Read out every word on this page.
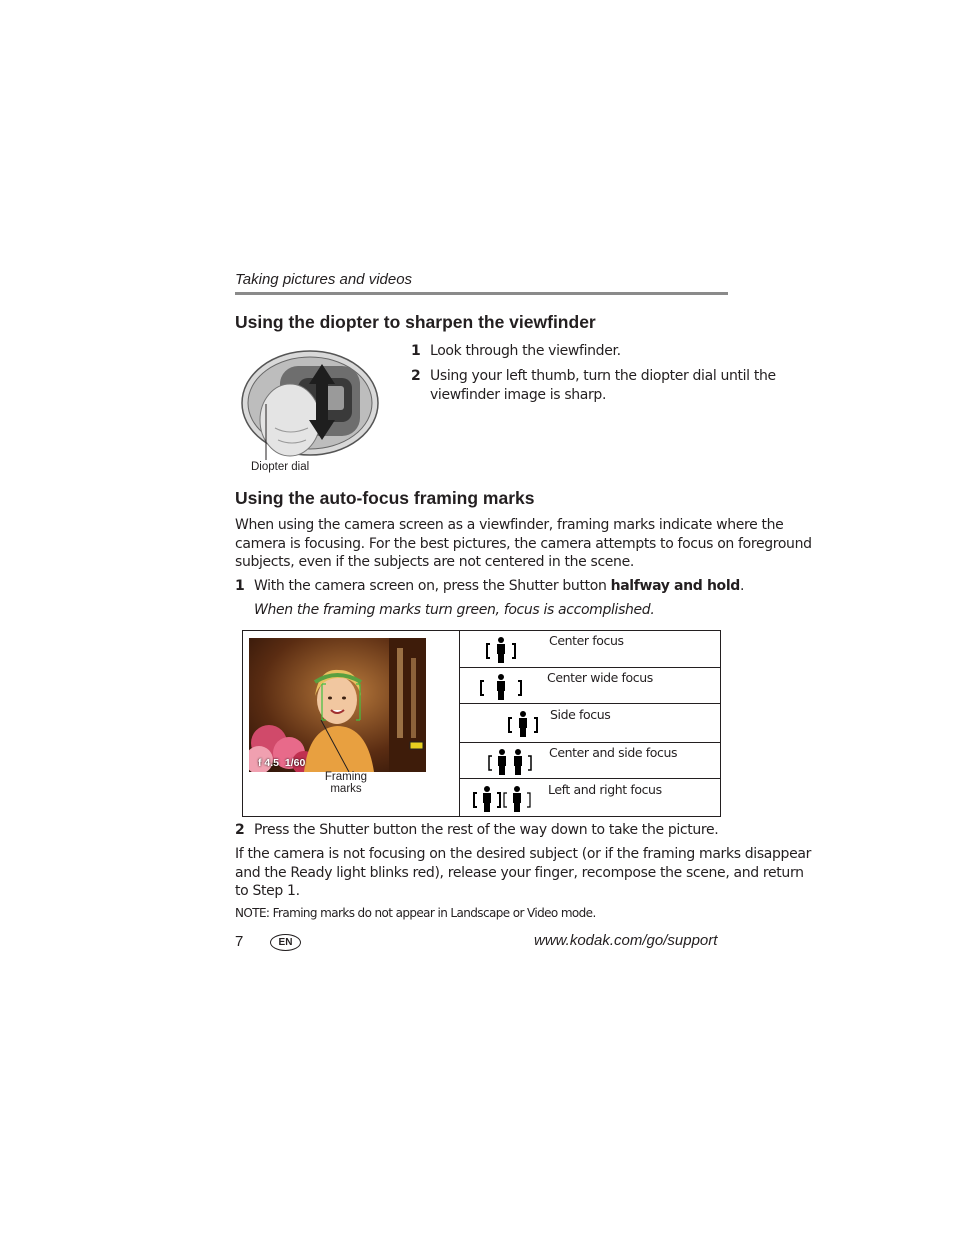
Taking pictures and videos
Using the diopter to sharpen the viewfinder
Diopter dial
1 Look through the viewfinder.
2 Using your left thumb, turn the diopter dial until the
viewfinder image is sharp.
Using the auto-focus framing marks
When using the camera screen as a viewfinder, framing marks indicate where the
camera is focusing. For the best pictures, the camera attempts to focus on foreground
subjects, even if the subjects are not centered in the scene.
1 With the camera screen on, press the Shutter button halfway and hold.
When the framing marks turn green, focus is accomplished.
f 4.5 1/60
Framing
marks
Center focus
Center wide focus
Side focus
Center and side focus
Left and right focus
2 Press the Shutter button the rest of the way down to take the picture.
If the camera is not focusing on the desired subject (or if the framing marks disappear
and the Ready light blinks red), release your finger, recompose the scene, and return
to Step 1.
NOTE: Framing marks do not appear in Landscape or Video mode.
7	EN	www.kodak.com/go/support
